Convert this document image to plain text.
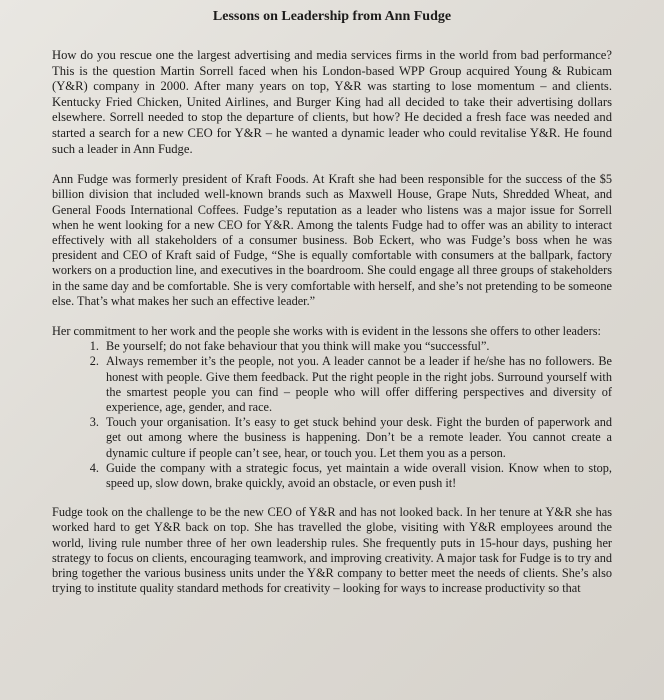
Lessons on Leadership from Ann Fudge

How do you rescue one the largest advertising and media services firms in the world from bad performance? This is the question Martin Sorrell faced when his London-based WPP Group acquired Young & Rubicam (Y&R) company in 2000. After many years on top, Y&R was starting to lose momentum – and clients. Kentucky Fried Chicken, United Airlines, and Burger King had all decided to take their advertising dollars elsewhere. Sorrell needed to stop the departure of clients, but how? He decided a fresh face was needed and started a search for a new CEO for Y&R – he wanted a dynamic leader who could revitalise Y&R. He found such a leader in Ann Fudge.

Ann Fudge was formerly president of Kraft Foods. At Kraft she had been responsible for the success of the $5 billion division that included well-known brands such as Maxwell House, Grape Nuts, Shredded Wheat, and General Foods International Coffees. Fudge’s reputation as a leader who listens was a major issue for Sorrell when he went looking for a new CEO for Y&R. Among the talents Fudge had to offer was an ability to interact effectively with all stakeholders of a consumer business. Bob Eckert, who was Fudge’s boss when he was president and CEO of Kraft said of Fudge, “She is equally comfortable with consumers at the ballpark, factory workers on a production line, and executives in the boardroom. She could engage all three groups of stakeholders in the same day and be comfortable. She is very comfortable with herself, and she’s not pretending to be someone else. That’s what makes her such an effective leader.”

Her commitment to her work and the people she works with is evident in the lessons she offers to other leaders:

1. Be yourself; do not fake behaviour that you think will make you “successful”.
2. Always remember it’s the people, not you. A leader cannot be a leader if he/she has no followers. Be honest with people. Give them feedback. Put the right people in the right jobs. Surround yourself with the smartest people you can find – people who will offer differing perspectives and diversity of experience, age, gender, and race.
3. Touch your organisation. It’s easy to get stuck behind your desk. Fight the burden of paperwork and get out among where the business is happening. Don’t be a remote leader. You cannot create a dynamic culture if people can’t see, hear, or touch you. Let them you as a person.
4. Guide the company with a strategic focus, yet maintain a wide overall vision. Know when to stop, speed up, slow down, brake quickly, avoid an obstacle, or even push it!

Fudge took on the challenge to be the new CEO of Y&R and has not looked back. In her tenure at Y&R she has worked hard to get Y&R back on top. She has travelled the globe, visiting with Y&R employees around the world, living rule number three of her own leadership rules. She frequently puts in 15-hour days, pushing her strategy to focus on clients, encouraging teamwork, and improving creativity. A major task for Fudge is to try and bring together the various business units under the Y&R company to better meet the needs of clients. She’s also trying to institute quality standard methods for creativity – looking for ways to increase productivity so that
